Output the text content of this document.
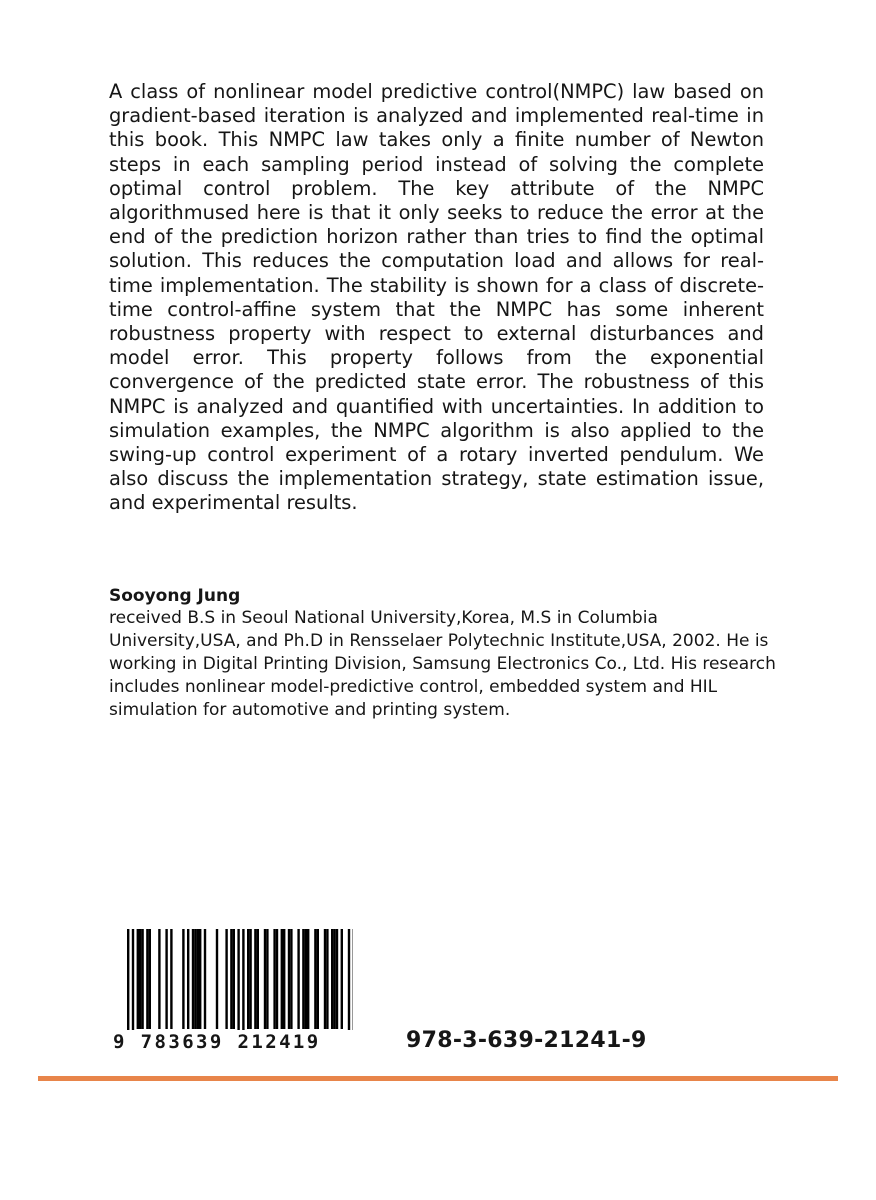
A class of nonlinear model predictive control(NMPC) law based on gradient-based iteration is analyzed and implemented real-time in this book. This NMPC law takes only a finite number of Newton steps in each sampling period instead of solving the complete optimal control problem. The key attribute of the NMPC algorithmused here is that it only seeks to reduce the error at the end of the prediction horizon rather than tries to find the optimal solution. This reduces the computation load and allows for real-time implementation. The stability is shown for a class of discrete-time control-affine system that the NMPC has some inherent robustness property with respect to external disturbances and model error. This property follows from the exponential convergence of the predicted state error. The robustness of this NMPC is analyzed and quantified with uncertainties. In addition to simulation examples, the NMPC algorithm is also applied to the swing-up control experiment of a rotary inverted pendulum. We also discuss the implementation strategy, state estimation issue, and experimental results.

Sooyong Jung

received B.S in Seoul National University,Korea, M.S in Columbia University,USA, and Ph.D in Rensselaer Polytechnic Institute,USA, 2002. He is working in Digital Printing Division, Samsung Electronics Co., Ltd. His research includes nonlinear model-predictive control, embedded system and HIL simulation for automotive and printing system.

9 783639 212419	978-3-639-21241-9
